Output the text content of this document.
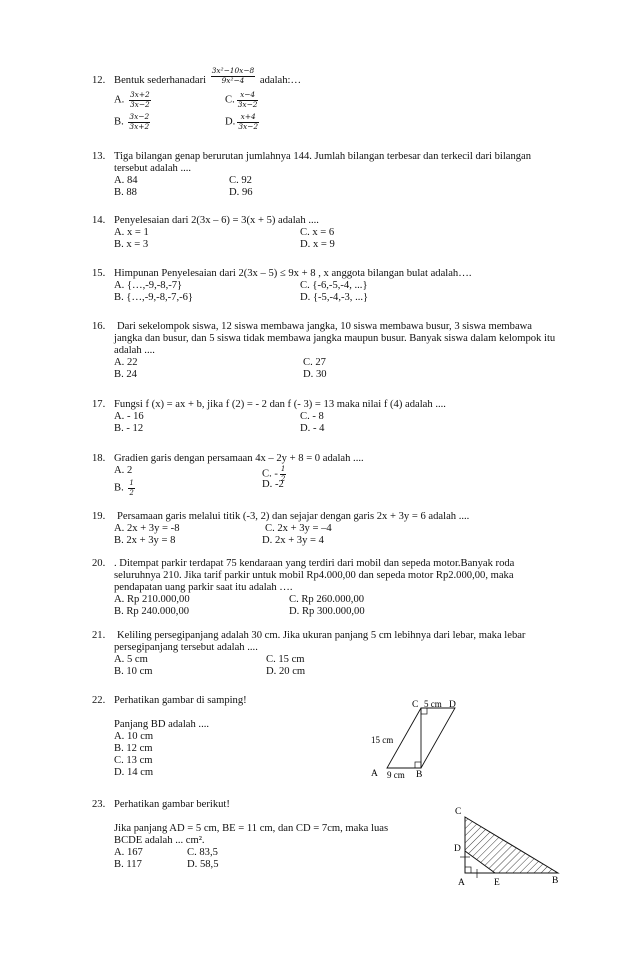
12. Bentuk sederhanadari $\frac{\text{3x²−10x−8}}{\text{9x²−4}}$ adalah:…
A. $\frac{3x+2}{3x-2}$	C. $\frac{x-4}{3x-2}$
B. $\frac{3x-2}{3x+2}$	D. $\frac{x+4}{3x-2}$
13. Tiga bilangan genap berurutan jumlahnya 144. Jumlah bilangan terbesar dan terkecil dari bilangan
tersebut adalah ....
A. 84	C. 92
B. 88	D. 96
14. Penyelesaian dari 2(3x – 6) = 3(x + 5) adalah ....
A. x = 1	C. x = 6
B. x = 3	D. x = 9
15. Himpunan Penyelesaian dari 2(3x – 5) ≤ 9x + 8 , x anggota bilangan bulat adalah….
A. {…,-9,-8,-7}	C. {-6,-5,-4, ...}
B. {…,-9,-8,-7,-6}	D. {-5,-4,-3, ...}
16. Dari sekelompok siswa, 12 siswa membawa jangka, 10 siswa membawa busur, 3 siswa membawa
jangka dan busur, dan 5 siswa tidak membawa jangka maupun busur. Banyak siswa dalam kelompok itu
adalah ....
A. 22	C. 27
B. 24	D. 30
17. Fungsi f (x) = ax + b, jika f (2) = - 2 dan f (- 3) = 13 maka nilai f (4) adalah ....
A. - 16	C. - 8
B. - 12	D. - 4
18. Gradien garis dengan persamaan 4x – 2y + 8 = 0 adalah ....
A. 2	C. - $\frac{1}{2}$
B. $\frac{1}{2}$	D. -2
19. Persamaan garis melalui titik (-3, 2) dan sejajar dengan garis 2x + 3y = 6 adalah ....
A. 2x + 3y = -8	C. 2x + 3y = –4
B. 2x + 3y = 8	D. 2x + 3y = 4
20. . Ditempat parkir terdapat 75 kendaraan yang terdiri dari mobil dan sepeda motor.Banyak roda
seluruhnya 210. Jika tarif parkir untuk mobil Rp4.000,00 dan sepeda motor Rp2.000,00, maka
pendapatan uang parkir saat itu adalah ….
A. Rp 210.000,00	C. Rp 260.000,00
B. Rp 240.000,00	D. Rp 300.000,00
21. Keliling persegipanjang adalah 30 cm. Jika ukuran panjang 5 cm lebihnya dari lebar, maka lebar
persegipanjang tersebut adalah ....
A. 5 cm	C. 15 cm
B. 10 cm	D. 20 cm
22. Perhatikan gambar di samping!
Panjang BD adalah ....
A. 10 cm
B. 12 cm
C. 13 cm
D. 14 cm
C 5 cm D
15 cm
A 9 cm B
23. Perhatikan gambar berikut!
Jika panjang AD = 5 cm, BE = 11 cm, dan CD = 7cm, maka luas
BCDE adalah ... cm².
A. 167	C. 83,5
B. 117	D. 58,5
C
D
A	E	B
